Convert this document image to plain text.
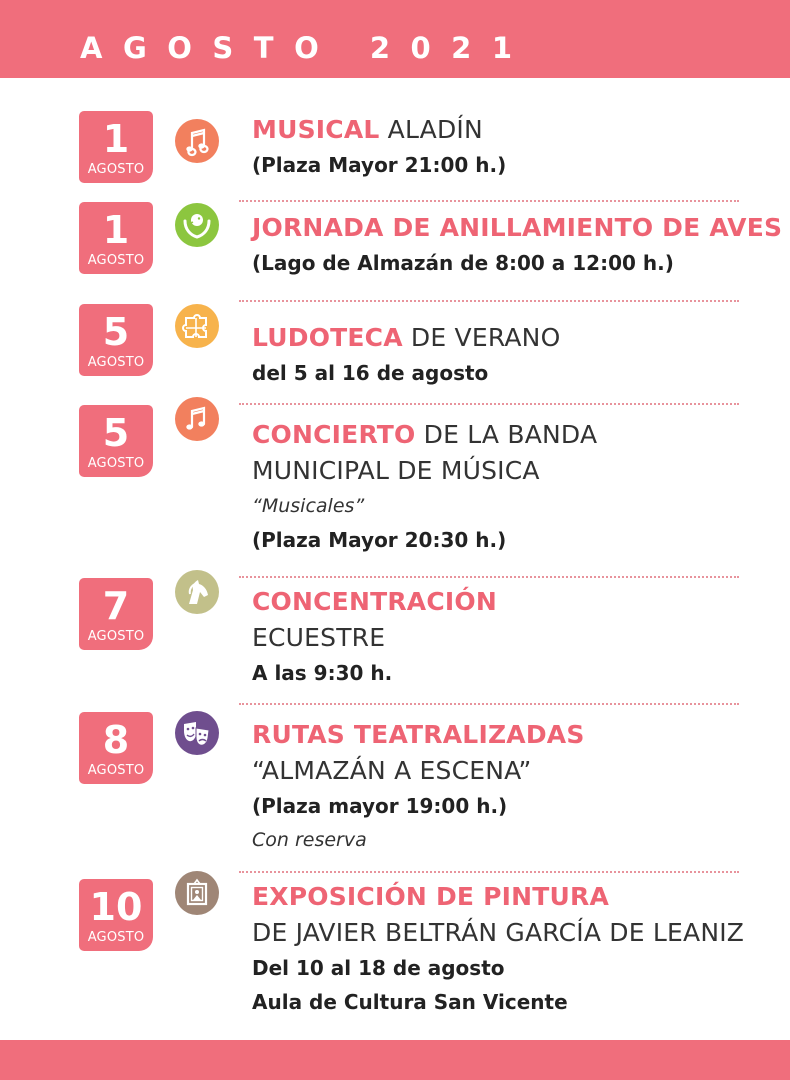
AGOSTO 2021
1
AGOSTO
MUSICAL ALADÍN
(Plaza Mayor 21:00 h.)
1
AGOSTO
JORNADA DE ANILLAMIENTO DE AVES
(Lago de Almazán de 8:00 a 12:00 h.)
5
AGOSTO
LUDOTECA DE VERANO
del 5 al 16 de agosto
5
AGOSTO
CONCIERTO DE LA BANDA
MUNICIPAL DE MÚSICA
“Musicales”
(Plaza Mayor 20:30 h.)
7
AGOSTO
CONCENTRACIÓN
ECUESTRE
A las 9:30 h.
8
AGOSTO
RUTAS TEATRALIZADAS
“ALMAZÁN A ESCENA”
(Plaza mayor 19:00 h.)
Con reserva
10
AGOSTO
EXPOSICIÓN DE PINTURA
DE JAVIER BELTRÁN GARCÍA DE LEANIZ
Del 10 al 18 de agosto
Aula de Cultura San Vicente
